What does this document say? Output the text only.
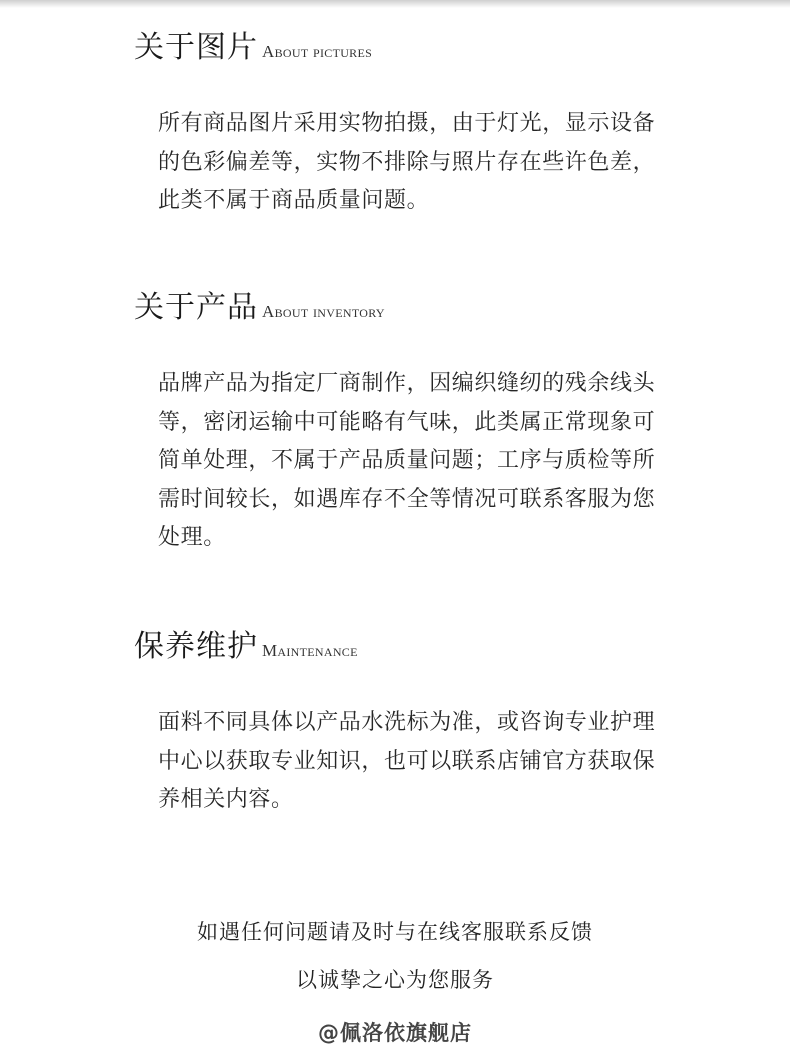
关于图片 About pictures
所有商品图片采用实物拍摄，由于灯光，显示设备
的色彩偏差等，实物不排除与照片存在些许色差，
此类不属于商品质量问题。
关于产品 About inventory
品牌产品为指定厂商制作，因编织缝纫的残余线头
等，密闭运输中可能略有气味，此类属正常现象可
简单处理，不属于产品质量问题；工序与质检等所
需时间较长，如遇库存不全等情况可联系客服为您
处理。
保养维护 Maintenance
面料不同具体以产品水洗标为准，或咨询专业护理
中心以获取专业知识，也可以联系店铺官方获取保
养相关内容。
如遇任何问题请及时与在线客服联系反馈
以诚挚之心为您服务
@佩洛依旗舰店
